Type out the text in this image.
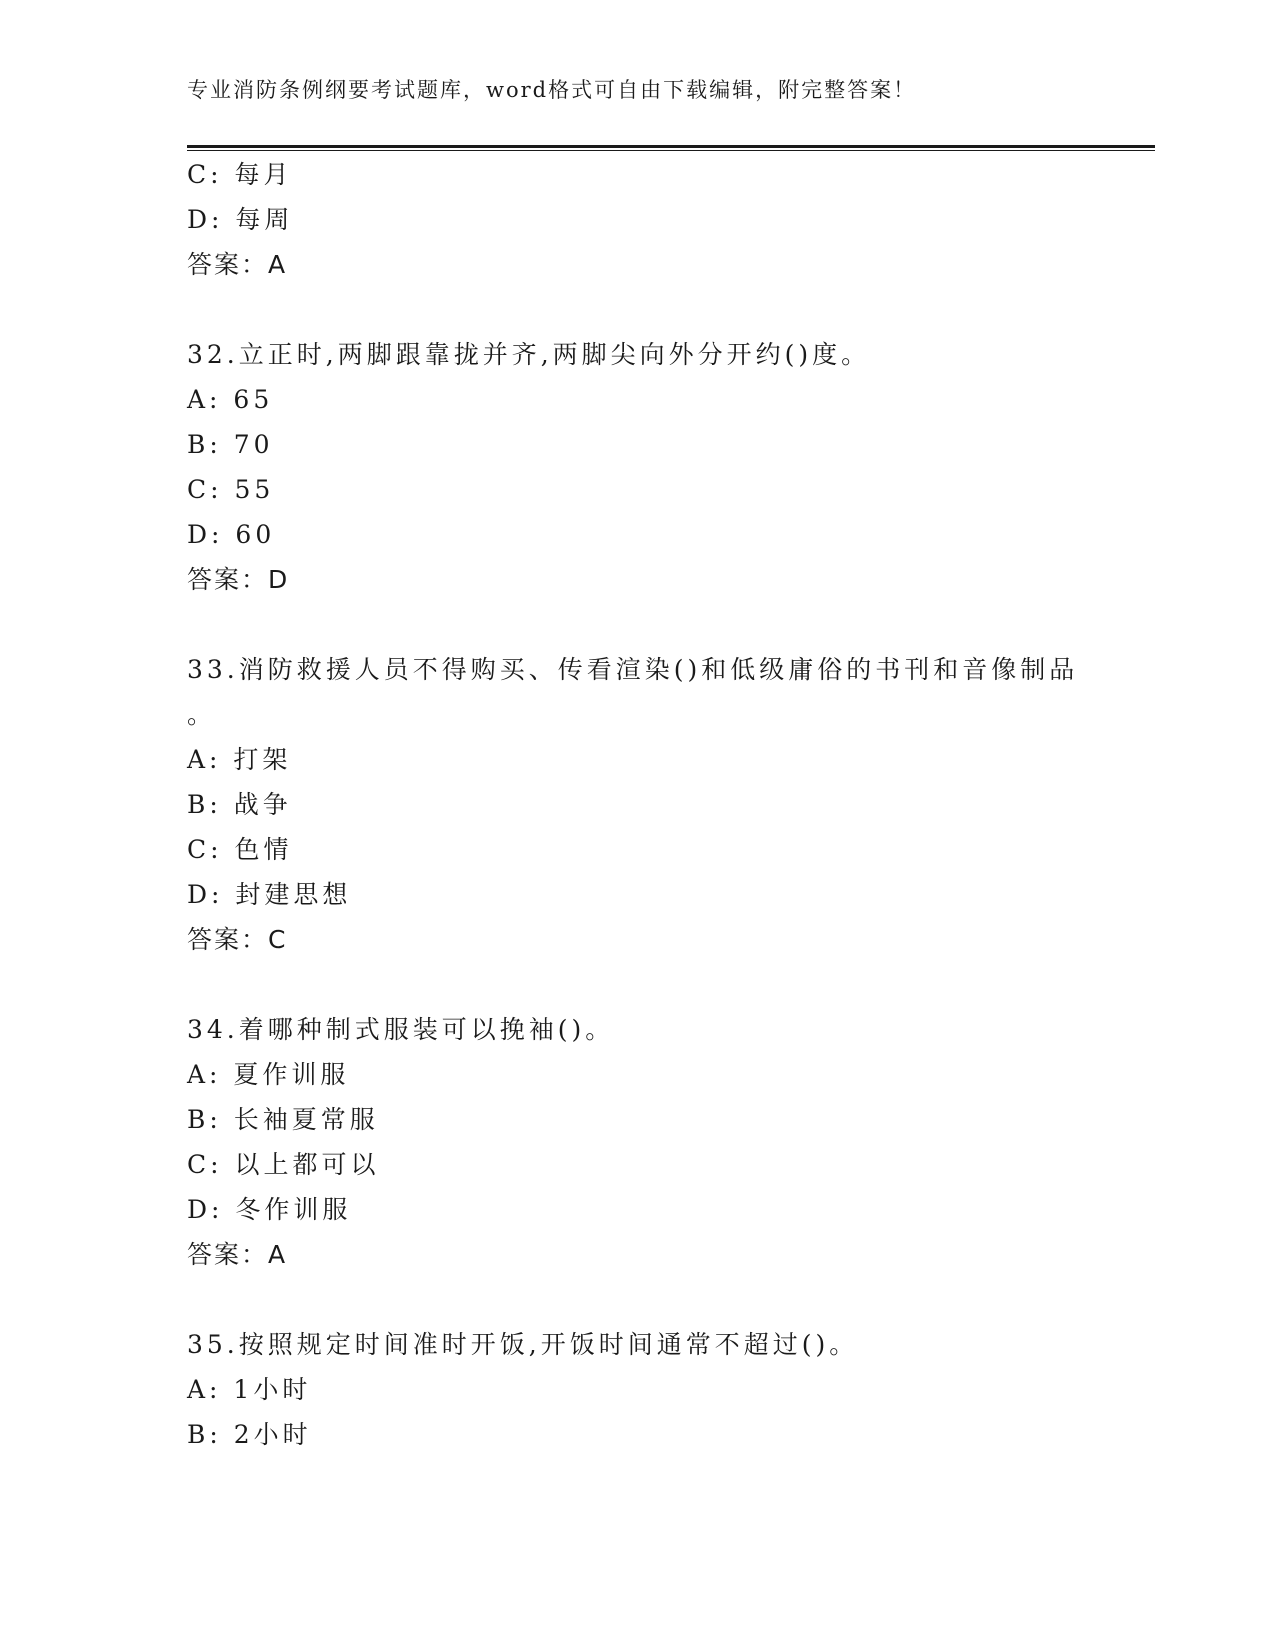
专业消防条例纲要考试题库，word格式可自由下载编辑，附完整答案！
C: 每月
D: 每周
答案：A
32.立正时,两脚跟靠拢并齐,两脚尖向外分开约()度。
A: 65
B: 70
C: 55
D: 60
答案：D
33.消防救援人员不得购买、传看渲染()和低级庸俗的书刊和音像制品
。
A: 打架
B: 战争
C: 色情
D: 封建思想
答案：C
34.着哪种制式服装可以挽袖()。
A: 夏作训服
B: 长袖夏常服
C: 以上都可以
D: 冬作训服
答案：A
35.按照规定时间准时开饭,开饭时间通常不超过()。
A: 1小时
B: 2小时
